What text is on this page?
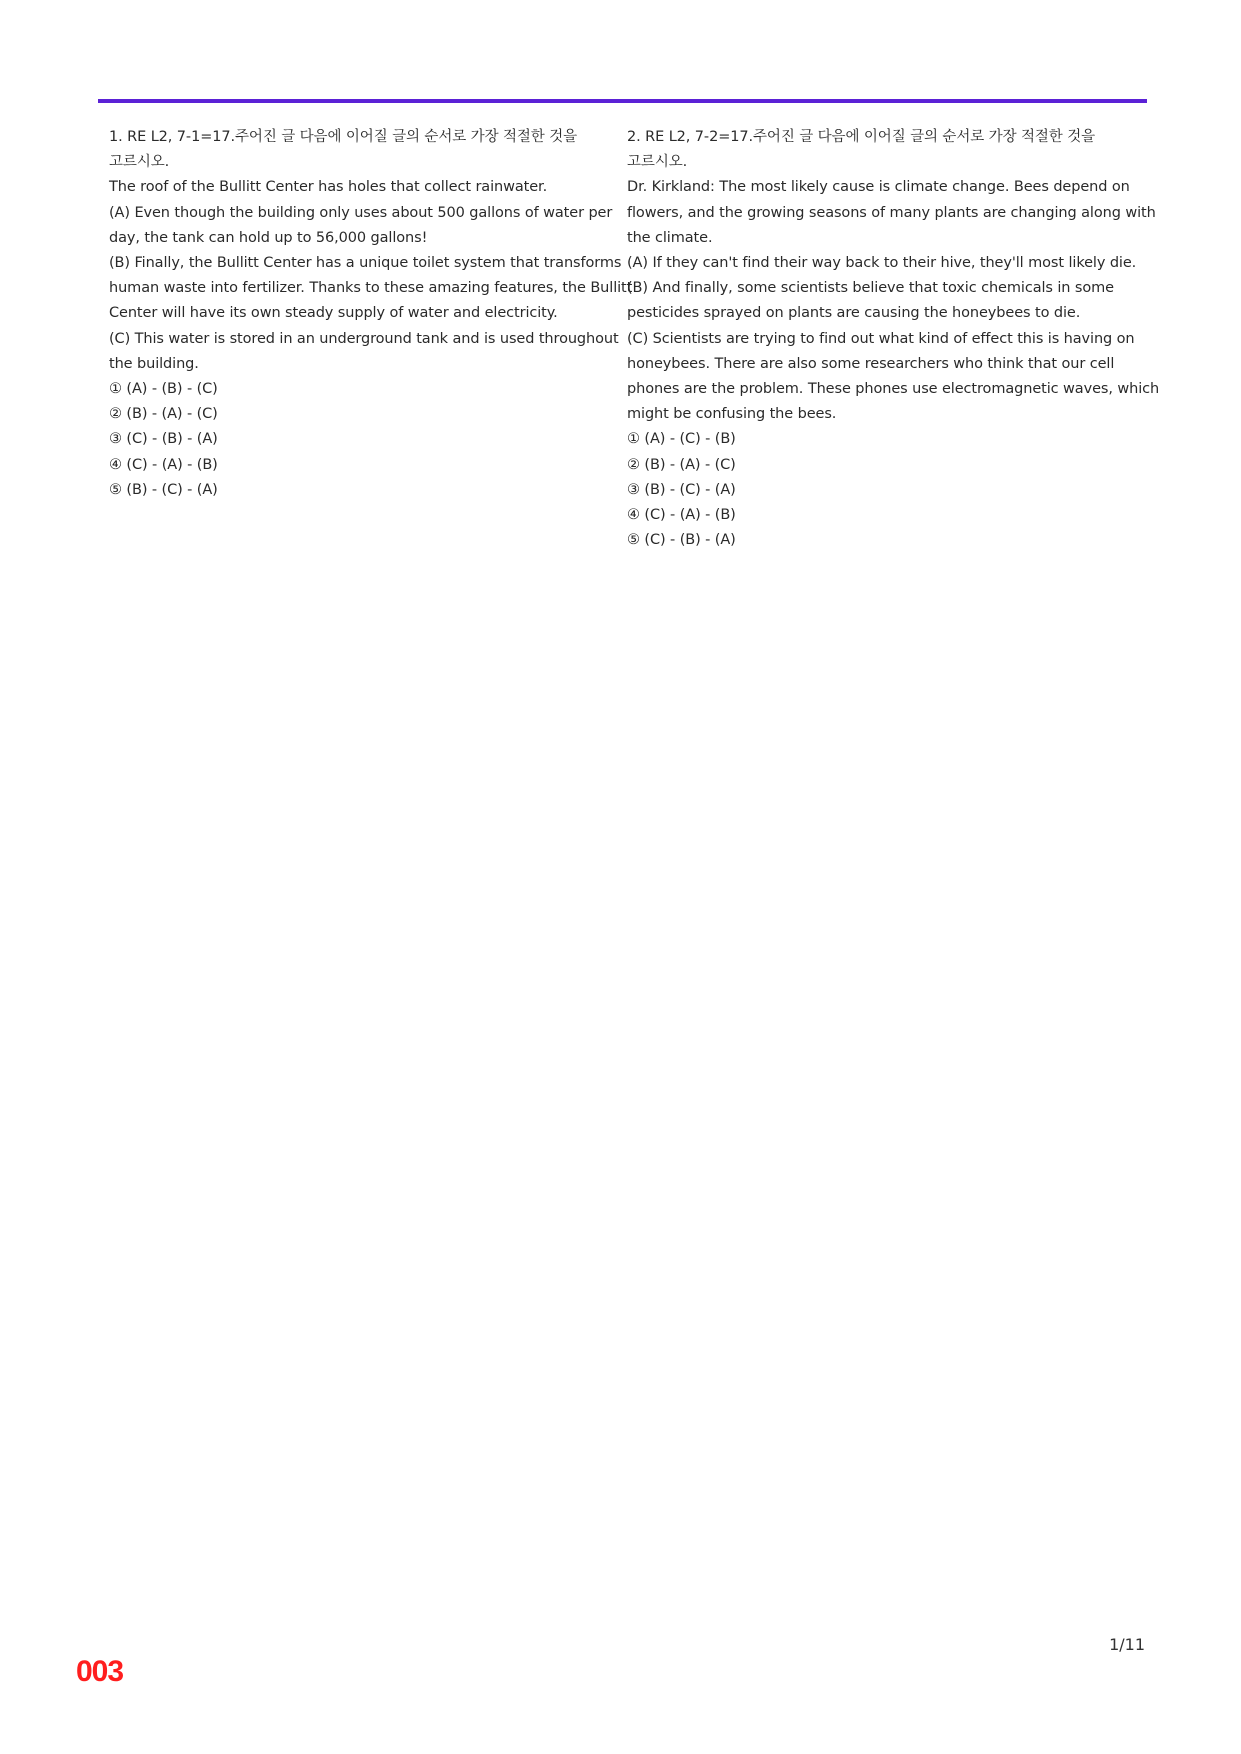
1. RE L2, 7-1=17.주어진 글 다음에 이어질 글의 순서로 가장 적절한 것을
고르시오.
The roof of the Bullitt Center has holes that collect rainwater.
(A) Even though the building only uses about 500 gallons of water per
day, the tank can hold up to 56,000 gallons!
(B) Finally, the Bullitt Center has a unique toilet system that transforms
human waste into fertilizer. Thanks to these amazing features, the Bullitt
Center will have its own steady supply of water and electricity.
(C) This water is stored in an underground tank and is used throughout
the building.
① (A) - (B) - (C)
② (B) - (A) - (C)
③ (C) - (B) - (A)
④ (C) - (A) - (B)
⑤ (B) - (C) - (A)
2. RE L2, 7-2=17.주어진 글 다음에 이어질 글의 순서로 가장 적절한 것을
고르시오.
Dr. Kirkland: The most likely cause is climate change. Bees depend on
flowers, and the growing seasons of many plants are changing along with
the climate.
(A) If they can't find their way back to their hive, they'll most likely die.
(B) And finally, some scientists believe that toxic chemicals in some
pesticides sprayed on plants are causing the honeybees to die.
(C) Scientists are trying to find out what kind of effect this is having on
honeybees. There are also some researchers who think that our cell
phones are the problem. These phones use electromagnetic waves, which
might be confusing the bees.
① (A) - (C) - (B)
② (B) - (A) - (C)
③ (B) - (C) - (A)
④ (C) - (A) - (B)
⑤ (C) - (B) - (A)
1/11
003
